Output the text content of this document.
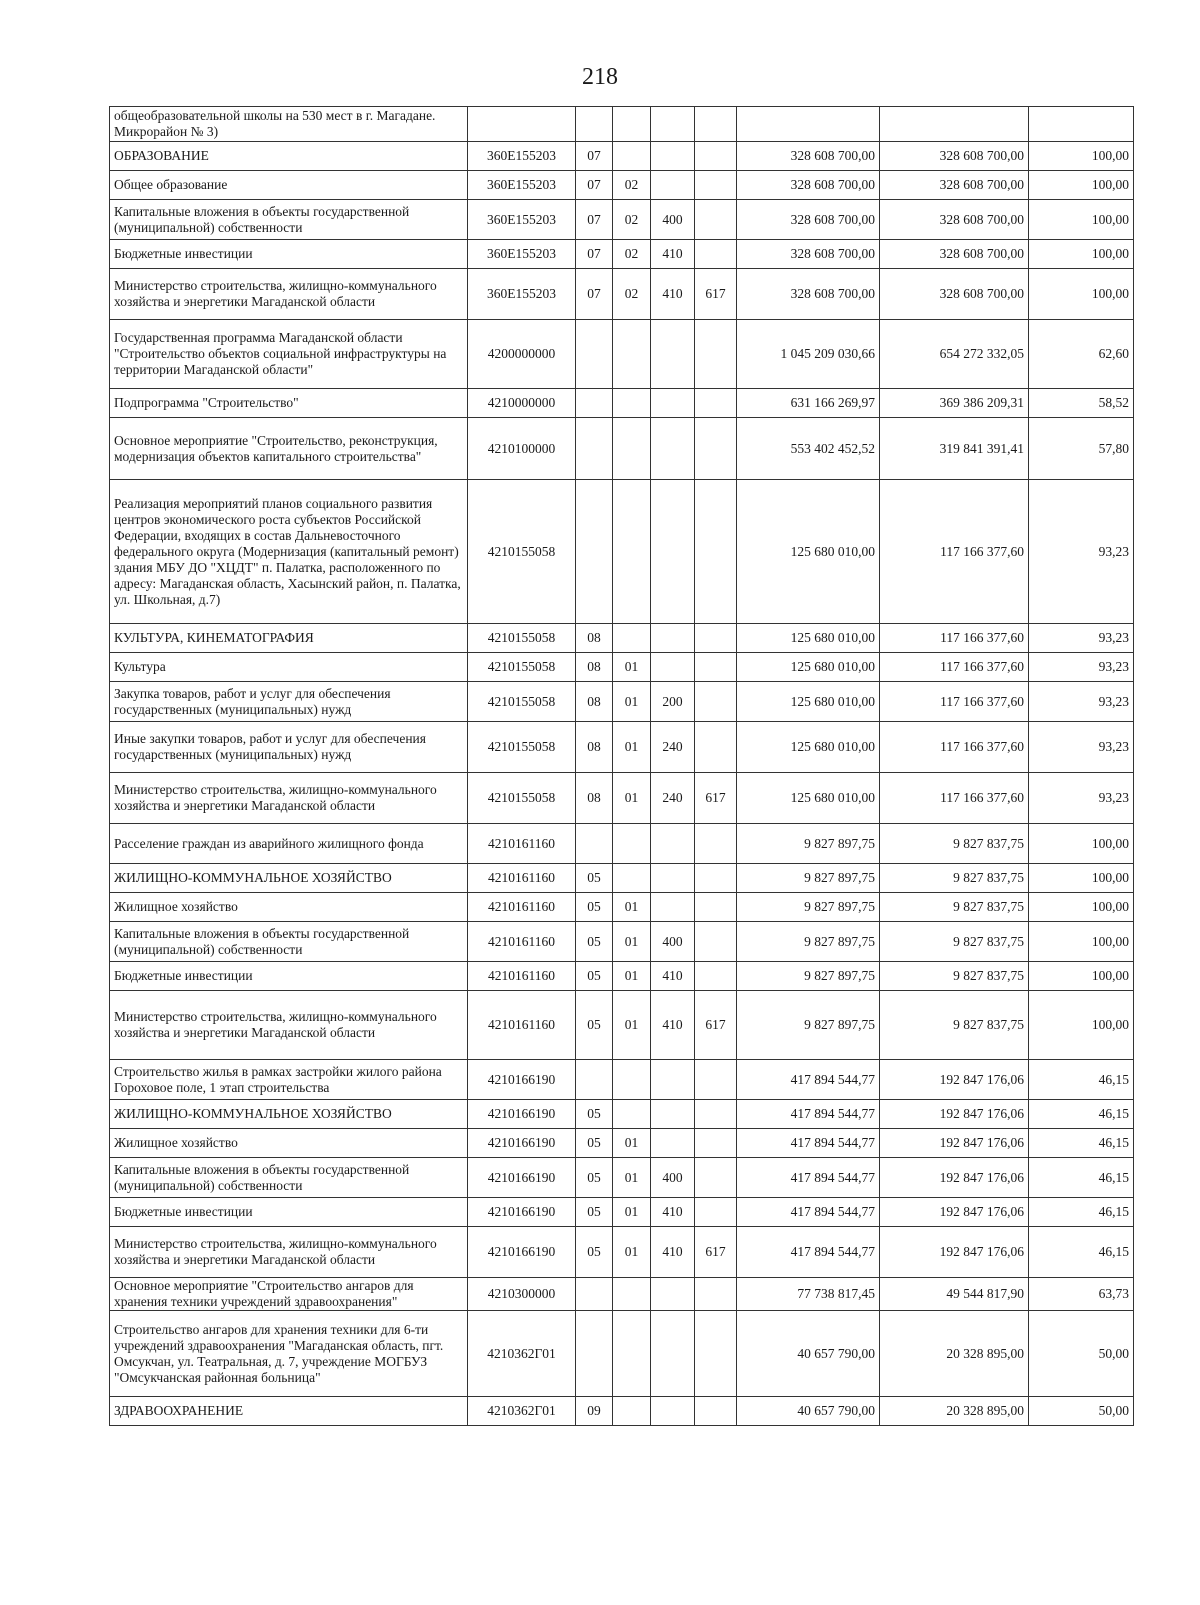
218
общеобразовательной школы на 530 мест в г. Магадане. Микрорайон № 3)								
ОБРАЗОВАНИЕ	360E155203	07				328 608 700,00	328 608 700,00	100,00
Общее образование	360E155203	07	02			328 608 700,00	328 608 700,00	100,00
Капитальные вложения в объекты государственной (муниципальной) собственности	360E155203	07	02	400		328 608 700,00	328 608 700,00	100,00
Бюджетные инвестиции	360E155203	07	02	410		328 608 700,00	328 608 700,00	100,00
Министерство строительства, жилищно-коммунального хозяйства и энергетики Магаданской области	360E155203	07	02	410	617	328 608 700,00	328 608 700,00	100,00
Государственная программа Магаданской области "Строительство объектов социальной инфраструктуры на территории Магаданской области"	4200000000					1 045 209 030,66	654 272 332,05	62,60
Подпрограмма "Строительство"	4210000000					631 166 269,97	369 386 209,31	58,52
Основное мероприятие "Строительство, реконструкция, модернизация объектов капитального строительства"	4210100000					553 402 452,52	319 841 391,41	57,80
Реализация мероприятий планов социального развития центров экономического роста субъектов Российской Федерации, входящих в состав Дальневосточного федерального округа (Модернизация (капитальный ремонт) здания МБУ ДО "ХЦДТ" п. Палатка, расположенного по адресу: Магаданская область, Хасынский район, п. Палатка, ул. Школьная, д.7)	4210155058					125 680 010,00	117 166 377,60	93,23
КУЛЬТУРА, КИНЕМАТОГРАФИЯ	4210155058	08				125 680 010,00	117 166 377,60	93,23
Культура	4210155058	08	01			125 680 010,00	117 166 377,60	93,23
Закупка товаров, работ и услуг для обеспечения государственных (муниципальных) нужд	4210155058	08	01	200		125 680 010,00	117 166 377,60	93,23
Иные закупки товаров, работ и услуг для обеспечения государственных (муниципальных) нужд	4210155058	08	01	240		125 680 010,00	117 166 377,60	93,23
Министерство строительства, жилищно-коммунального хозяйства и энергетики Магаданской области	4210155058	08	01	240	617	125 680 010,00	117 166 377,60	93,23
Расселение граждан из аварийного жилищного фонда	4210161160					9 827 897,75	9 827 837,75	100,00
ЖИЛИЩНО-КОММУНАЛЬНОЕ ХОЗЯЙСТВО	4210161160	05				9 827 897,75	9 827 837,75	100,00
Жилищное хозяйство	4210161160	05	01			9 827 897,75	9 827 837,75	100,00
Капитальные вложения в объекты государственной (муниципальной) собственности	4210161160	05	01	400		9 827 897,75	9 827 837,75	100,00
Бюджетные инвестиции	4210161160	05	01	410		9 827 897,75	9 827 837,75	100,00
Министерство строительства, жилищно-коммунального хозяйства и энергетики Магаданской области	4210161160	05	01	410	617	9 827 897,75	9 827 837,75	100,00
Строительство жилья в рамках застройки жилого района Гороховое поле, 1 этап строительства	4210166190					417 894 544,77	192 847 176,06	46,15
ЖИЛИЩНО-КОММУНАЛЬНОЕ ХОЗЯЙСТВО	4210166190	05				417 894 544,77	192 847 176,06	46,15
Жилищное хозяйство	4210166190	05	01			417 894 544,77	192 847 176,06	46,15
Капитальные вложения в объекты государственной (муниципальной) собственности	4210166190	05	01	400		417 894 544,77	192 847 176,06	46,15
Бюджетные инвестиции	4210166190	05	01	410		417 894 544,77	192 847 176,06	46,15
Министерство строительства, жилищно-коммунального хозяйства и энергетики Магаданской области	4210166190	05	01	410	617	417 894 544,77	192 847 176,06	46,15
Основное мероприятие "Строительство ангаров для хранения техники учреждений здравоохранения"	4210300000					77 738 817,45	49 544 817,90	63,73
Строительство ангаров для хранения техники для 6-ти учреждений здравоохранения "Магаданская область, пгт. Омсукчан, ул. Театральная, д. 7, учреждение МОГБУЗ "Омсукчанская районная больница"	4210362Г01					40 657 790,00	20 328 895,00	50,00
ЗДРАВООХРАНЕНИЕ	4210362Г01	09				40 657 790,00	20 328 895,00	50,00
